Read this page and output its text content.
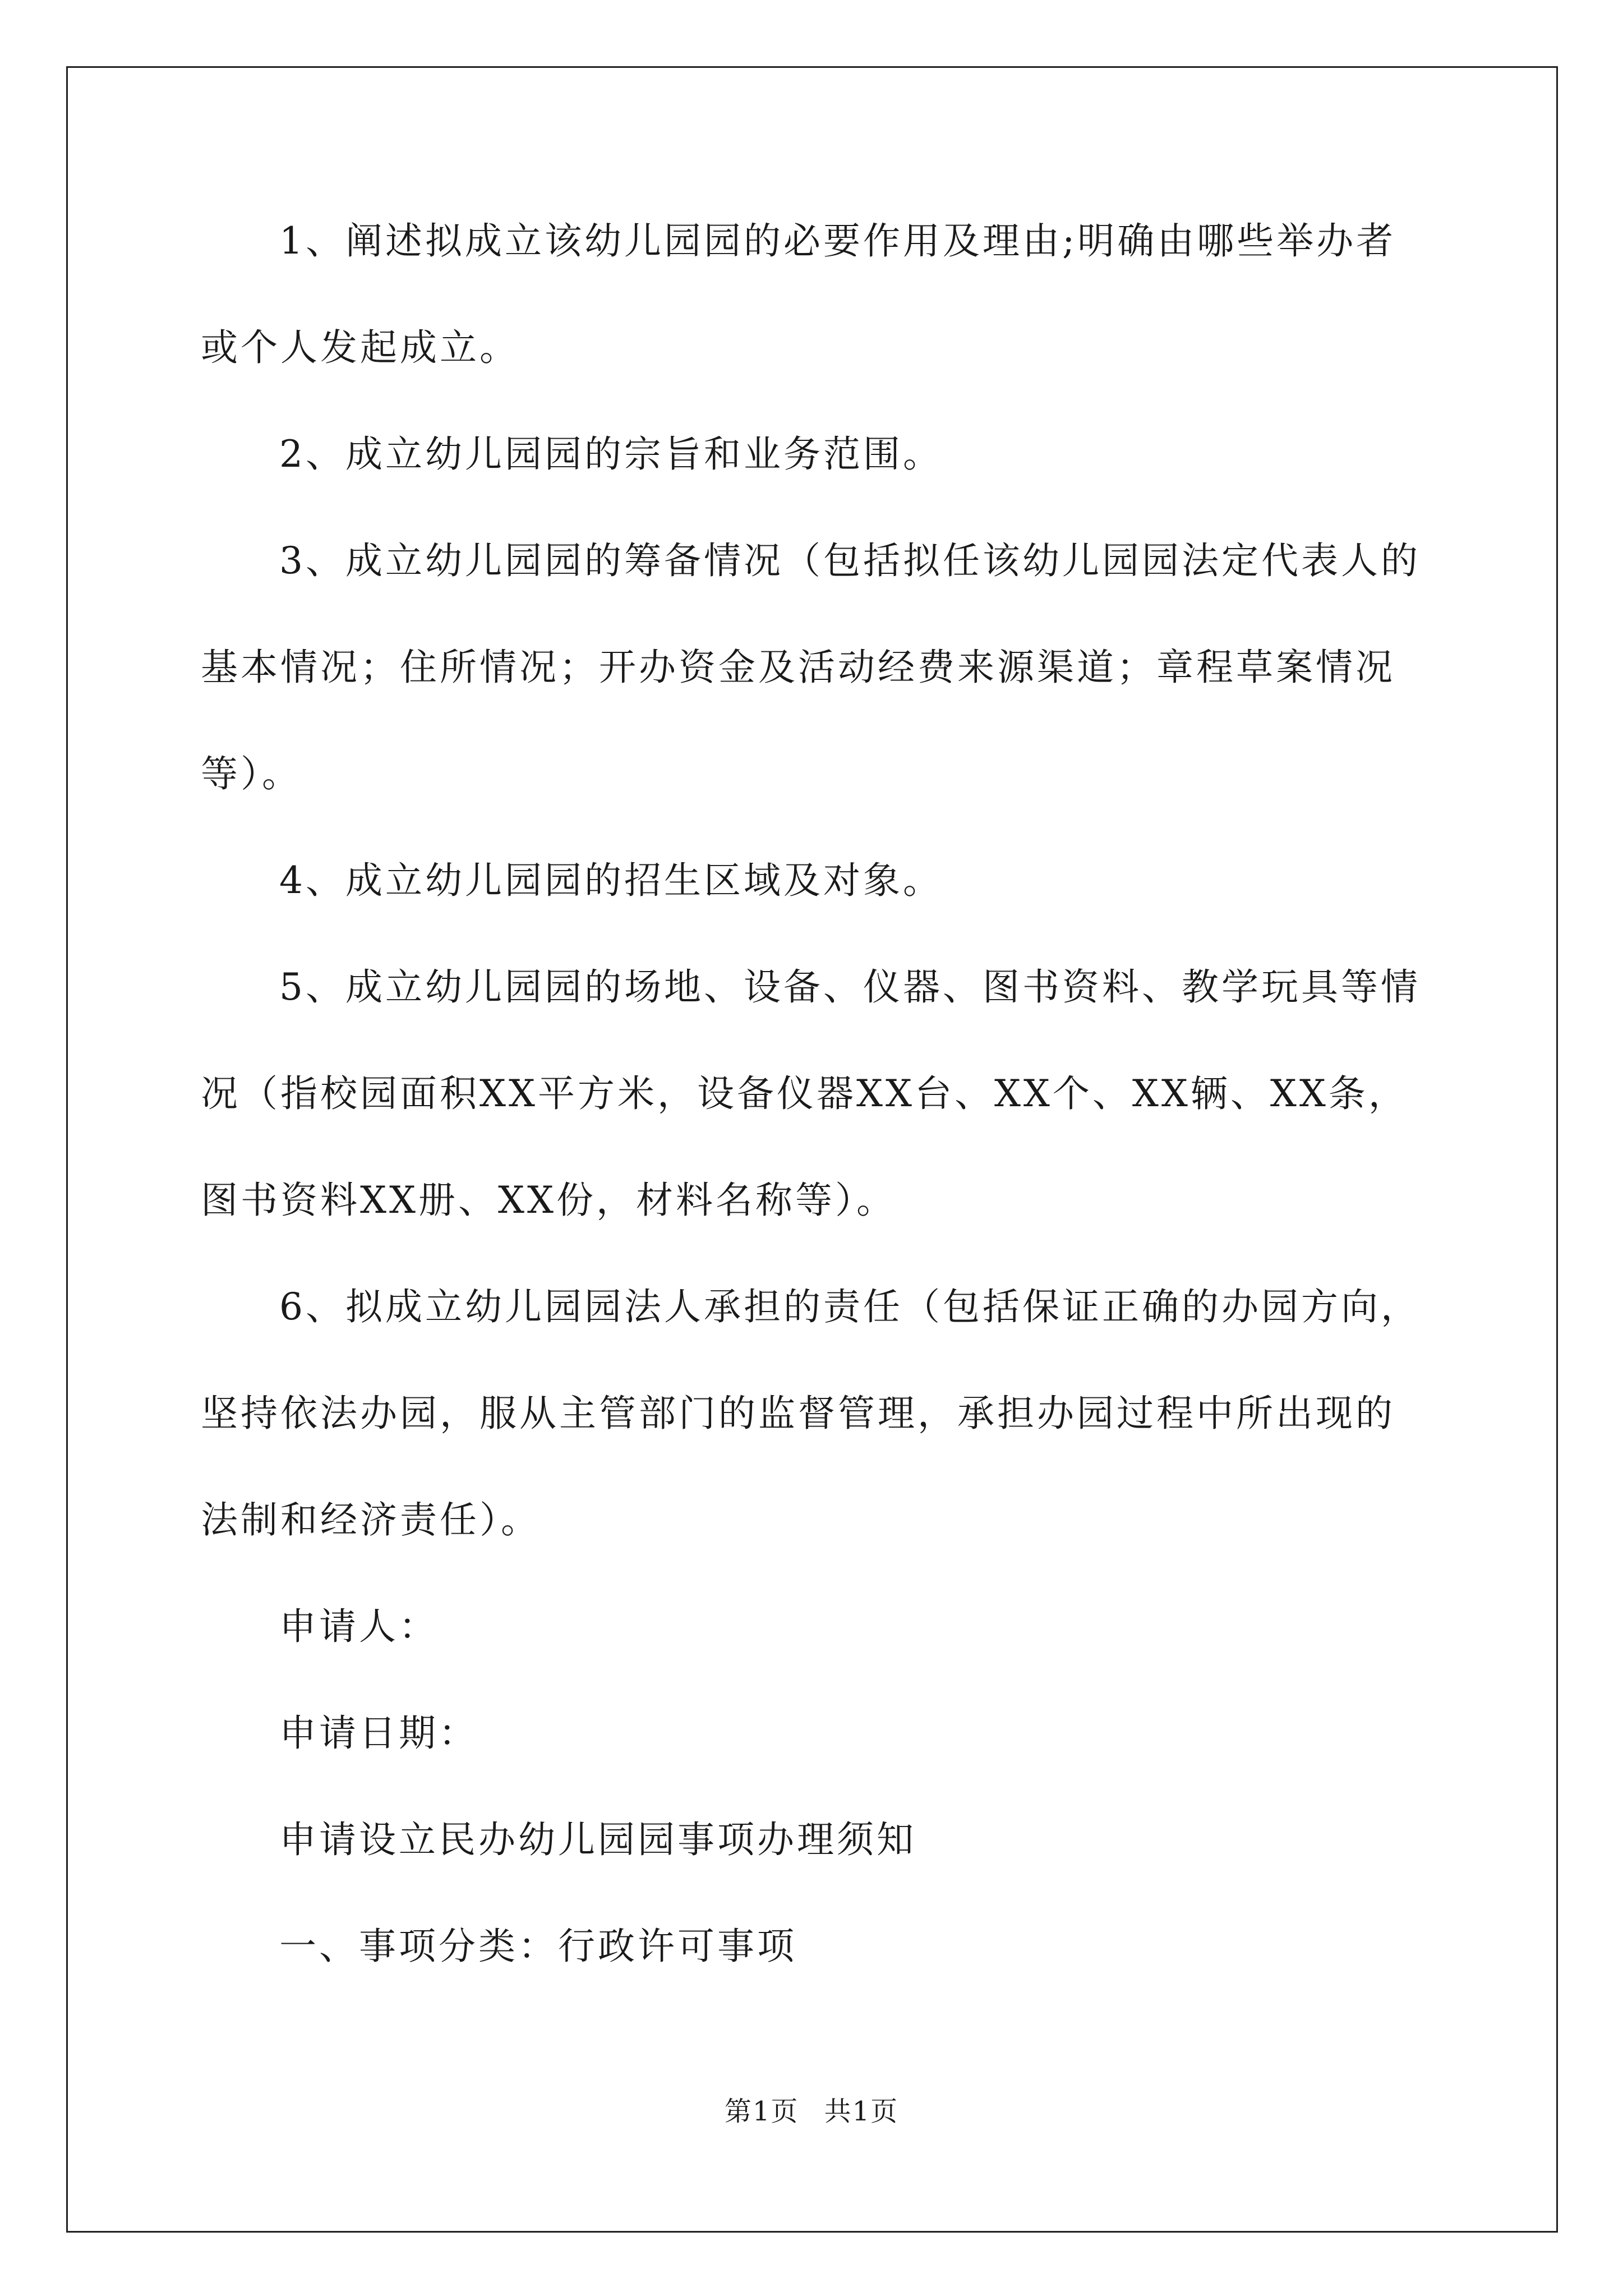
1、阐述拟成立该幼儿园园的必要作用及理由;明确由哪些举办者

或个人发起成立。

2、成立幼儿园园的宗旨和业务范围。

3、成立幼儿园园的筹备情况（包括拟任该幼儿园园法定代表人的

基本情况；住所情况；开办资金及活动经费来源渠道；章程草案情况

等）。

4、成立幼儿园园的招生区域及对象。

5、成立幼儿园园的场地、设备、仪器、图书资料、教学玩具等情

况（指校园面积XX平方米，设备仪器XX台、XX个、XX辆、XX条，

图书资料XX册、XX份，材料名称等）。

6、拟成立幼儿园园法人承担的责任（包括保证正确的办园方向，

坚持依法办园，服从主管部门的监督管理，承担办园过程中所出现的

法制和经济责任）。

申请人：

申请日期：

申请设立民办幼儿园园事项办理须知

一、事项分类：行政许可事项

第1页 共1页
